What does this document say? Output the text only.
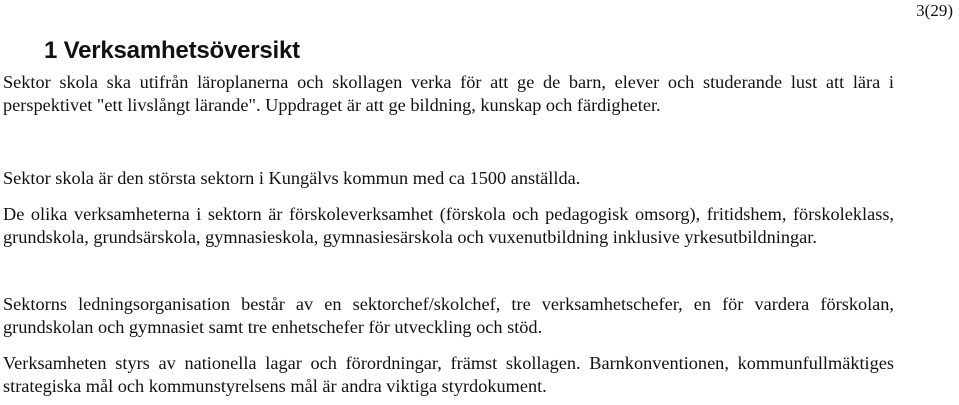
3(29)
1 Verksamhetsöversikt

Sektor skola ska utifrån läroplanerna och skollagen verka för att ge de barn, elever och studerande lust att lära i perspektivet "ett livslångt lärande". Uppdraget är att ge bildning, kunskap och färdigheter.

Sektor skola är den största sektorn i Kungälvs kommun med ca 1500 anställda.

De olika verksamheterna i sektorn är förskoleverksamhet (förskola och pedagogisk omsorg), fritidshem, förskoleklass, grundskola, grundsärskola, gymnasieskola, gymnasiesärskola och vuxenutbildning inklusive yrkesutbildningar.

Sektorns ledningsorganisation består av en sektorchef/skolchef, tre verksamhetschefer, en för vardera förskolan, grundskolan och gymnasiet samt tre enhetschefer för utveckling och stöd.

Verksamheten styrs av nationella lagar och förordningar, främst skollagen. Barnkonventionen, kommunfullmäktiges strategiska mål och kommunstyrelsens mål är andra viktiga styrdokument.
